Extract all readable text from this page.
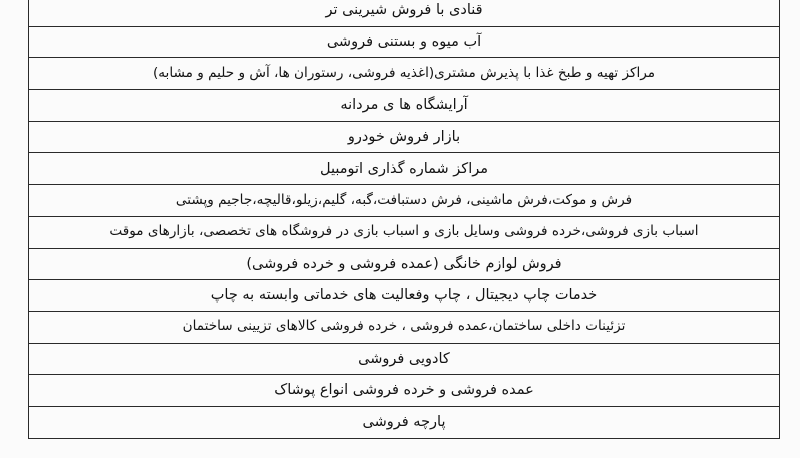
قنادی با فروش شیرینی تر
آب میوه و بستنی فروشی
مراکز تهیه و طبخ غذا با پذیرش مشتری(اغذیه فروشی، رستوران ها، آش و حلیم و مشابه)
آرایشگاه ها ی مردانه
بازار فروش خودرو
مراکز شماره گذاری اتومبیل
فرش و موکت،فرش ماشینی، فرش دستبافت،گبه، گلیم،زیلو،قالیچه،جاجیم وپشتی
اسباب بازی فروشی،خرده فروشی وسایل بازی و اسباب بازی در فروشگاه های تخصصی، بازارهای موقت
فروش لوازم خانگی (عمده فروشی و خرده فروشی)
خدمات چاپ دیجیتال ، چاپ وفعالیت های خدماتی وابسته به چاپ
تزئینات داخلی ساختمان،عمده فروشی ، خرده فروشی کالاهای تزیینی ساختمان
کادویی فروشی
عمده فروشی و خرده فروشی انواع پوشاک
پارچه فروشی
